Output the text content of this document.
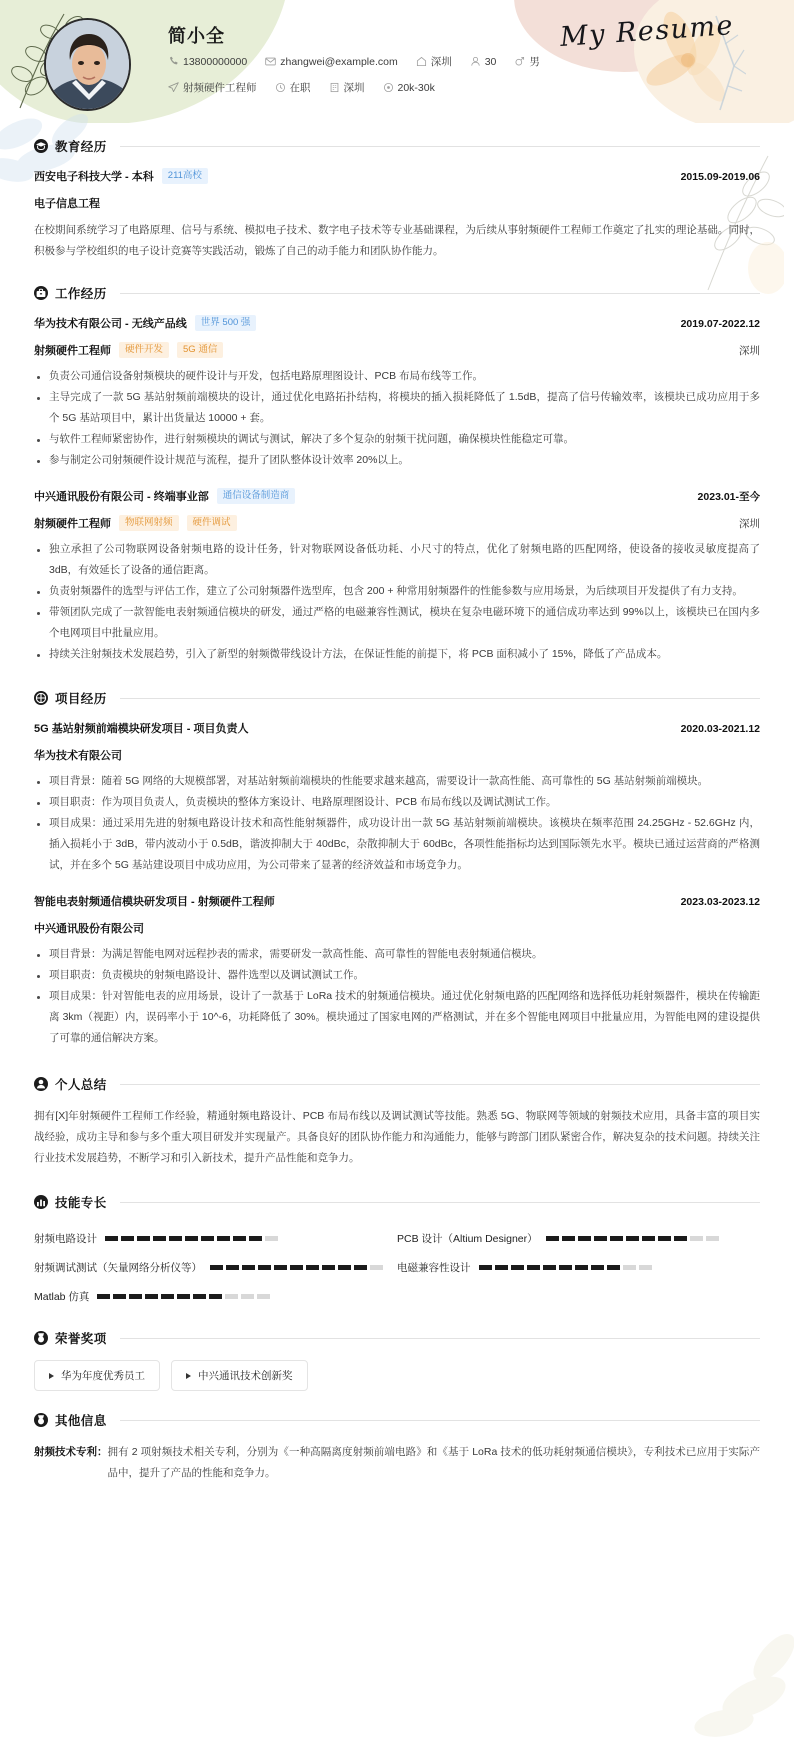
简小全	My Resume
13800000000	zhangwei@example.com	深圳	30	男
射频硬件工程师	在职	深圳	20k-30k
教育经历
西安电子科技大学 - 本科	211高校	2015.09-2019.06
电子信息工程
在校期间系统学习了电路原理、信号与系统、模拟电子技术、数字电子技术等专业基础课程，为后续从事射频硬件工程师工作奠定了扎实的理论基础。同时，积极参与学校组织的电子设计竞赛等实践活动，锻炼了自己的动手能力和团队协作能力。
工作经历
华为技术有限公司 - 无线产品线	世界 500 强	2019.07-2022.12
射频硬件工程师	硬件开发	5G 通信	深圳
负责公司通信设备射频模块的硬件设计与开发，包括电路原理图设计、PCB 布局布线等工作。
主导完成了一款 5G 基站射频前端模块的设计，通过优化电路拓扑结构，将模块的插入损耗降低了 1.5dB，提高了信号传输效率，该模块已成功应用于多个 5G 基站项目中，累计出货量达 10000 + 套。
与软件工程师紧密协作，进行射频模块的调试与测试，解决了多个复杂的射频干扰问题，确保模块性能稳定可靠。
参与制定公司射频硬件设计规范与流程，提升了团队整体设计效率 20%以上。
中兴通讯股份有限公司 - 终端事业部	通信设备制造商	2023.01-至今
射频硬件工程师	物联网射频	硬件调试	深圳
独立承担了公司物联网设备射频电路的设计任务，针对物联网设备低功耗、小尺寸的特点，优化了射频电路的匹配网络，使设备的接收灵敏度提高了 3dB，有效延长了设备的通信距离。
负责射频器件的选型与评估工作，建立了公司射频器件选型库，包含 200 + 种常用射频器件的性能参数与应用场景，为后续项目开发提供了有力支持。
带领团队完成了一款智能电表射频通信模块的研发，通过严格的电磁兼容性测试，模块在复杂电磁环境下的通信成功率达到 99%以上，该模块已在国内多个电网项目中批量应用。
持续关注射频技术发展趋势，引入了新型的射频微带线设计方法，在保证性能的前提下，将 PCB 面积减小了 15%，降低了产品成本。
项目经历
5G 基站射频前端模块研发项目 - 项目负责人	2020.03-2021.12
华为技术有限公司
项目背景：随着 5G 网络的大规模部署，对基站射频前端模块的性能要求越来越高，需要设计一款高性能、高可靠性的 5G 基站射频前端模块。
项目职责：作为项目负责人，负责模块的整体方案设计、电路原理图设计、PCB 布局布线以及调试测试工作。
项目成果：通过采用先进的射频电路设计技术和高性能射频器件，成功设计出一款 5G 基站射频前端模块。该模块在频率范围 24.25GHz - 52.6GHz 内，插入损耗小于 3dB，带内波动小于 0.5dB，谐波抑制大于 40dBc，杂散抑制大于 60dBc，各项性能指标均达到国际领先水平。模块已通过运营商的严格测试，并在多个 5G 基站建设项目中成功应用，为公司带来了显著的经济效益和市场竞争力。
智能电表射频通信模块研发项目 - 射频硬件工程师	2023.03-2023.12
中兴通讯股份有限公司
项目背景：为满足智能电网对远程抄表的需求，需要研发一款高性能、高可靠性的智能电表射频通信模块。
项目职责：负责模块的射频电路设计、器件选型以及调试测试工作。
项目成果：针对智能电表的应用场景，设计了一款基于 LoRa 技术的射频通信模块。通过优化射频电路的匹配网络和选择低功耗射频器件，模块在传输距离 3km（视距）内，误码率小于 10^-6，功耗降低了 30%。模块通过了国家电网的严格测试，并在多个智能电网项目中批量应用，为智能电网的建设提供了可靠的通信解决方案。
个人总结
拥有[X]年射频硬件工程师工作经验，精通射频电路设计、PCB 布局布线以及调试测试等技能。熟悉 5G、物联网等领域的射频技术应用，具备丰富的项目实战经验，成功主导和参与多个重大项目研发并实现量产。具备良好的团队协作能力和沟通能力，能够与跨部门团队紧密合作，解决复杂的技术问题。持续关注行业技术发展趋势，不断学习和引入新技术，提升产品性能和竞争力。
技能专长
射频电路设计	PCB 设计（Altium Designer）
射频调试测试（矢量网络分析仪等）	电磁兼容性设计
Matlab 仿真
荣誉奖项
华为年度优秀员工	中兴通讯技术创新奖
其他信息
射频技术专利： 拥有 2 项射频技术相关专利，分别为《一种高隔离度射频前端电路》和《基于 LoRa 技术的低功耗射频通信模块》，专利技术已应用于实际产品中，提升了产品的性能和竞争力。
